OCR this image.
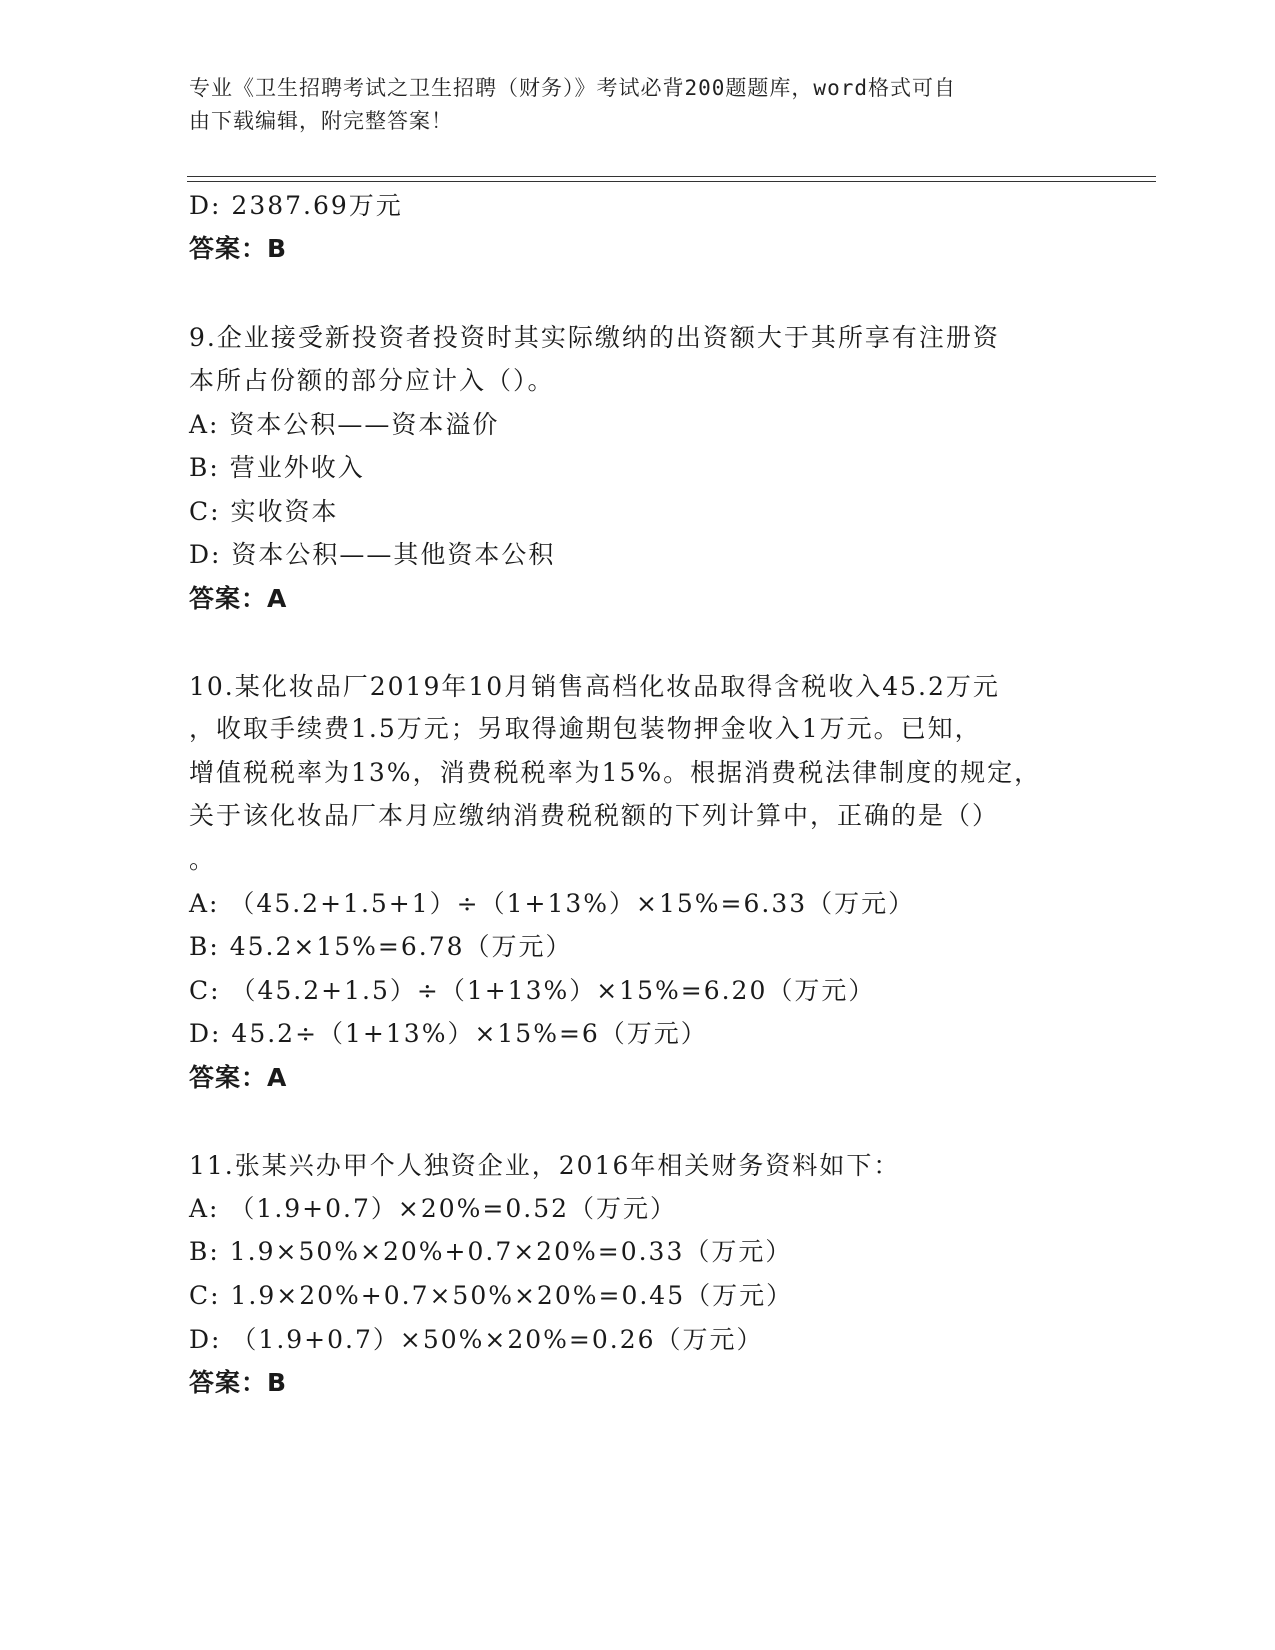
专业《卫生招聘考试之卫生招聘（财务）》考试必背200题题库，word格式可自
由下载编辑，附完整答案！
D: 2387.69万元
答案：B
9.企业接受新投资者投资时其实际缴纳的出资额大于其所享有注册资
本所占份额的部分应计入（）。
A: 资本公积——资本溢价
B: 营业外收入
C: 实收资本
D: 资本公积——其他资本公积
答案：A
10.某化妆品厂2019年10月销售高档化妆品取得含税收入45.2万元
，收取手续费1.5万元；另取得逾期包装物押金收入1万元。已知，
增值税税率为13%，消费税税率为15%。根据消费税法律制度的规定，
关于该化妆品厂本月应缴纳消费税税额的下列计算中，正确的是（）
。
A: （45.2+1.5+1）÷（1+13%）×15%=6.33（万元）
B: 45.2×15%=6.78（万元）
C: （45.2+1.5）÷（1+13%）×15%=6.20（万元）
D: 45.2÷（1+13%）×15%=6（万元）
答案：A
11.张某兴办甲个人独资企业，2016年相关财务资料如下：
A: （1.9+0.7）×20%=0.52（万元）
B: 1.9×50%×20%+0.7×20%=0.33（万元）
C: 1.9×20%+0.7×50%×20%=0.45（万元）
D: （1.9+0.7）×50%×20%=0.26（万元）
答案：B
